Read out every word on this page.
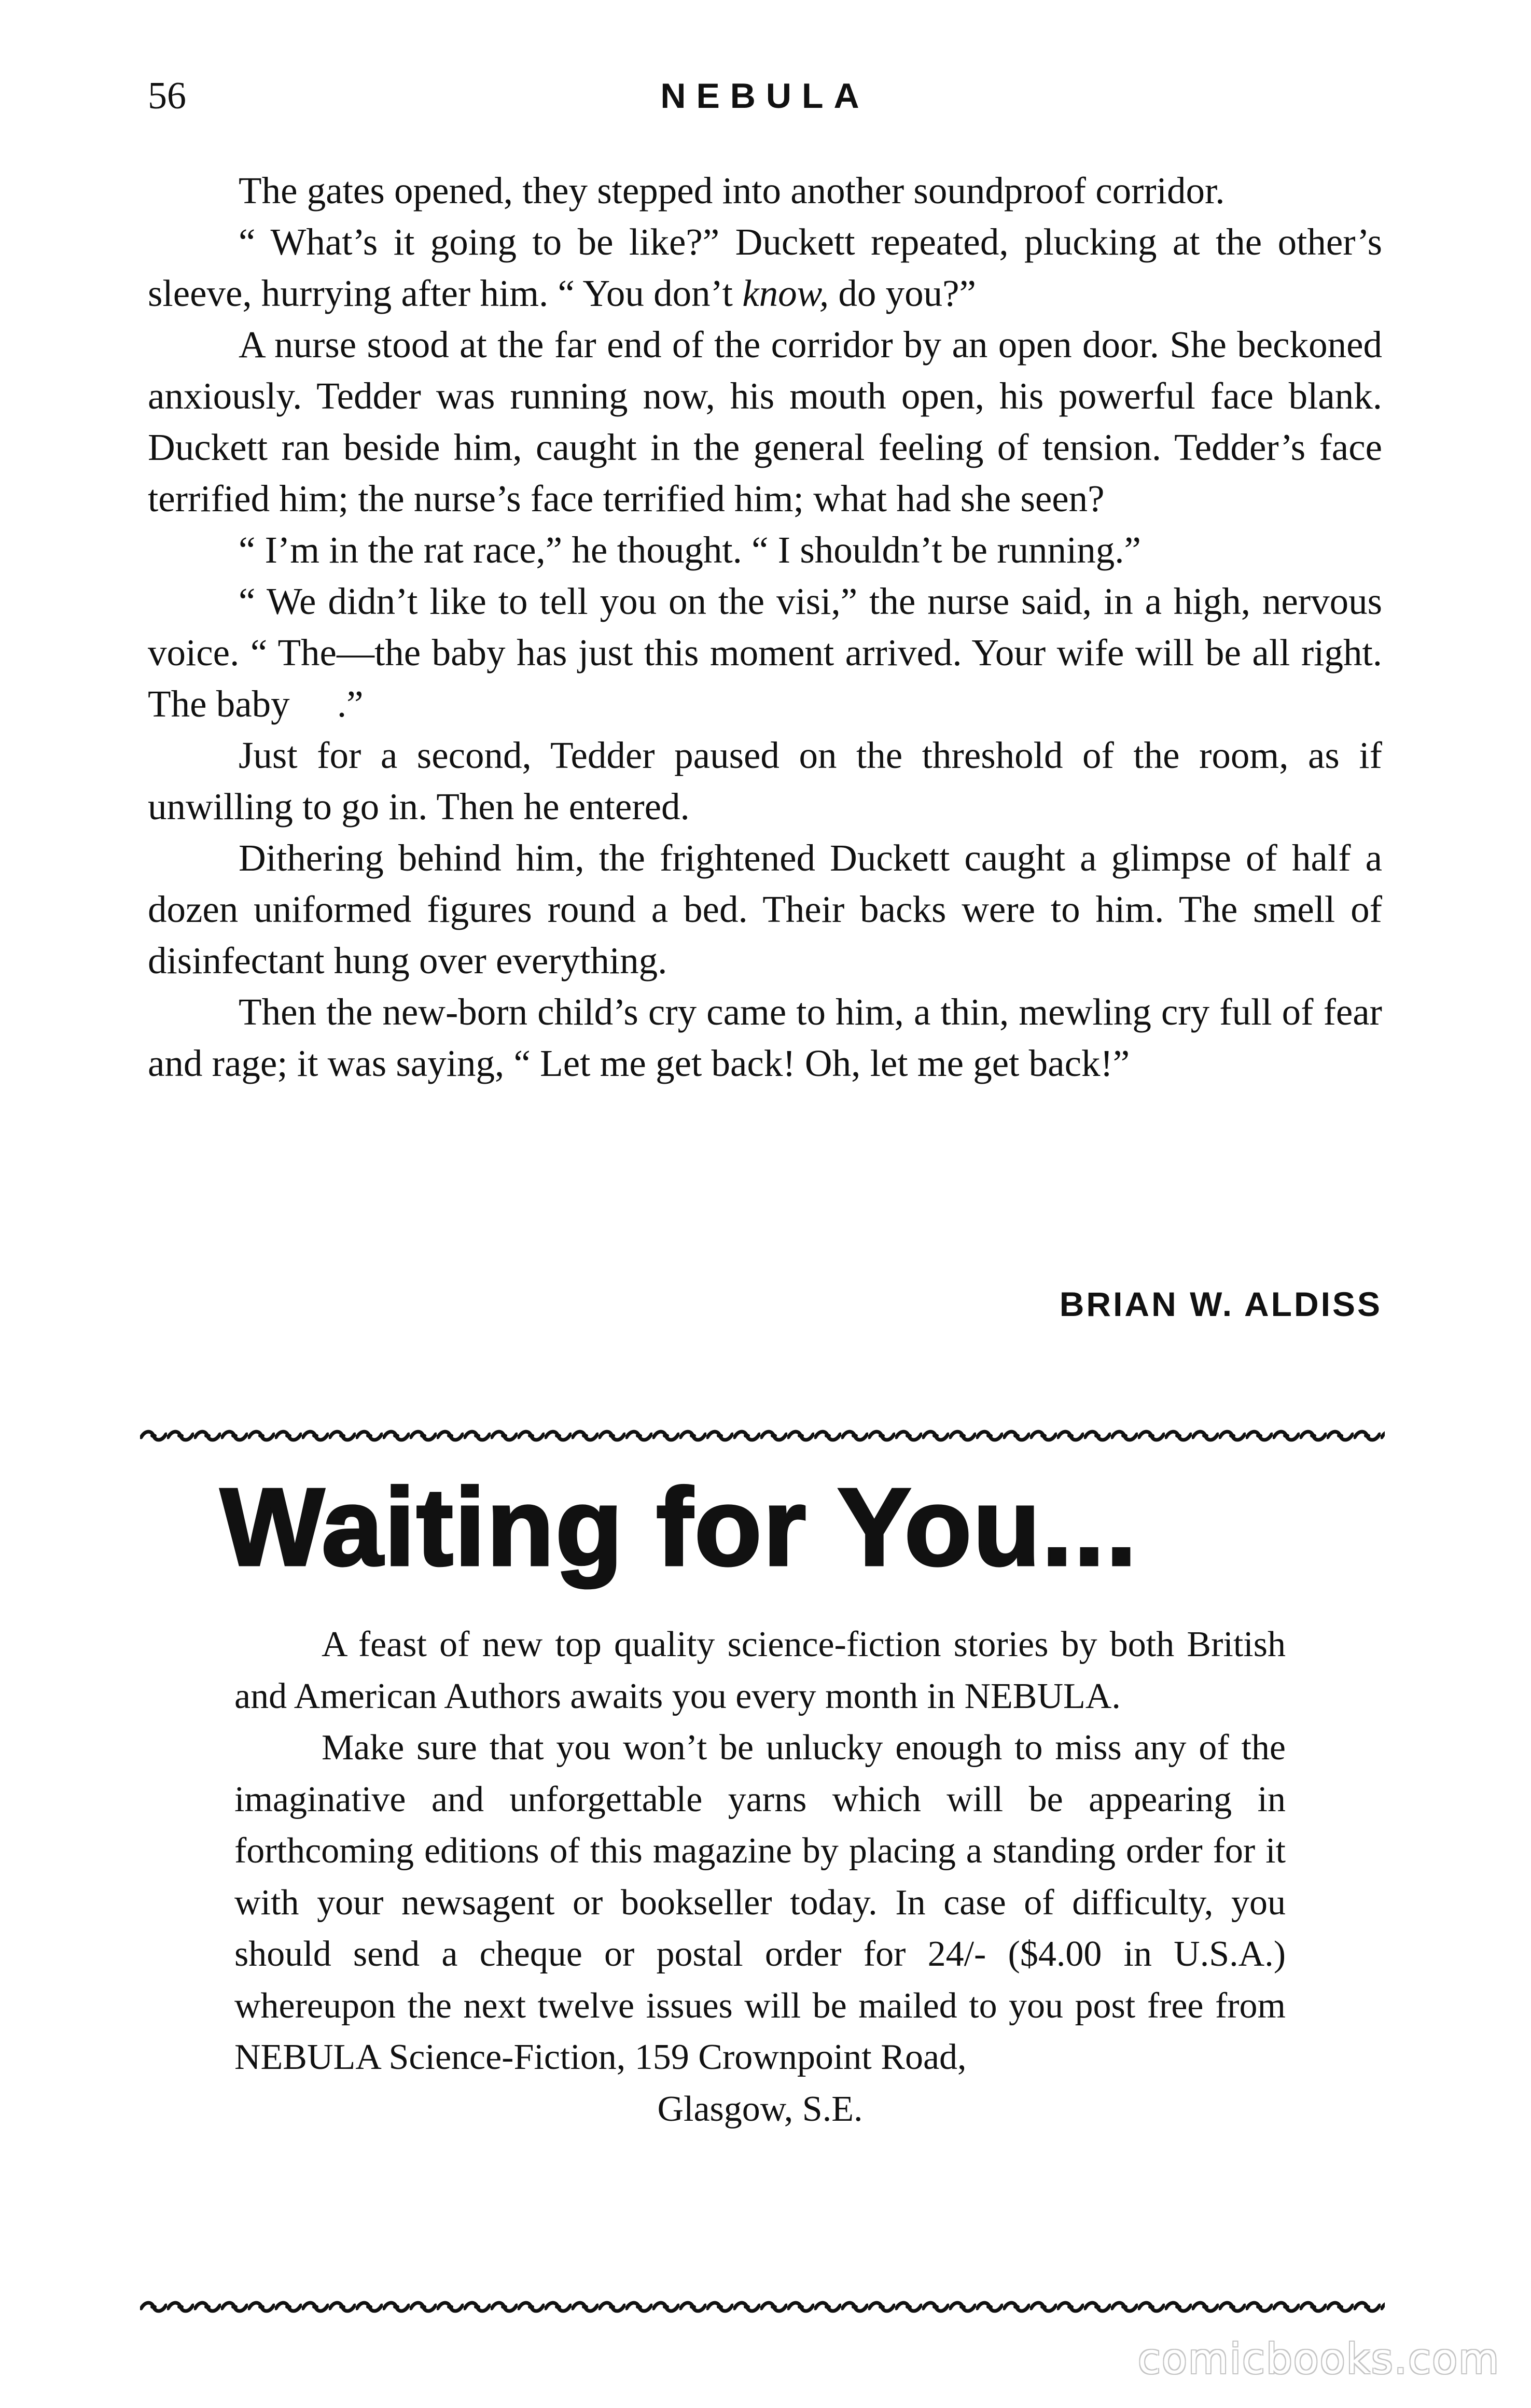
56	NEBULA

The gates opened, they stepped into another soundproof corridor.

“ What’s it going to be like?” Duckett repeated, plucking at the other’s sleeve, hurrying after him. “ You don’t know, do you?”

A nurse stood at the far end of the corridor by an open door. She beckoned anxiously. Tedder was running now, his mouth open, his powerful face blank. Duckett ran beside him, caught in the general feeling of tension. Tedder’s face terrified him; the nurse’s face terrified him; what had she seen?

“ I’m in the rat race,” he thought. “ I shouldn’t be running.”

“ We didn’t like to tell you on the visi,” the nurse said, in a high, nervous voice. “ The—the baby has just this moment arrived. Your wife will be all right. The baby     .”

Just for a second, Tedder paused on the threshold of the room, as if unwilling to go in. Then he entered.

Dithering behind him, the frightened Duckett caught a glimpse of half a dozen uniformed figures round a bed. Their backs were to him. The smell of disinfectant hung over everything.

Then the new-born child’s cry came to him, a thin, mewling cry full of fear and rage; it was saying, “ Let me get back! Oh, let me get back!”

BRIAN W. ALDISS
Waiting for You...

A feast of new top quality science-fiction stories by both British and American Authors awaits you every month in NEBULA.

Make sure that you won’t be unlucky enough to miss any of the imaginative and unforgettable yarns which will be appearing in forthcoming editions of this magazine by placing a standing order for it with your newsagent or bookseller today. In case of difficulty, you should send a cheque or postal order for 24/- ($4.00 in U.S.A.) whereupon the next twelve issues will be mailed to you post free from NEBULA Science-Fiction, 159 Crownpoint Road,

Glasgow, S.E.

comicbooks.com
